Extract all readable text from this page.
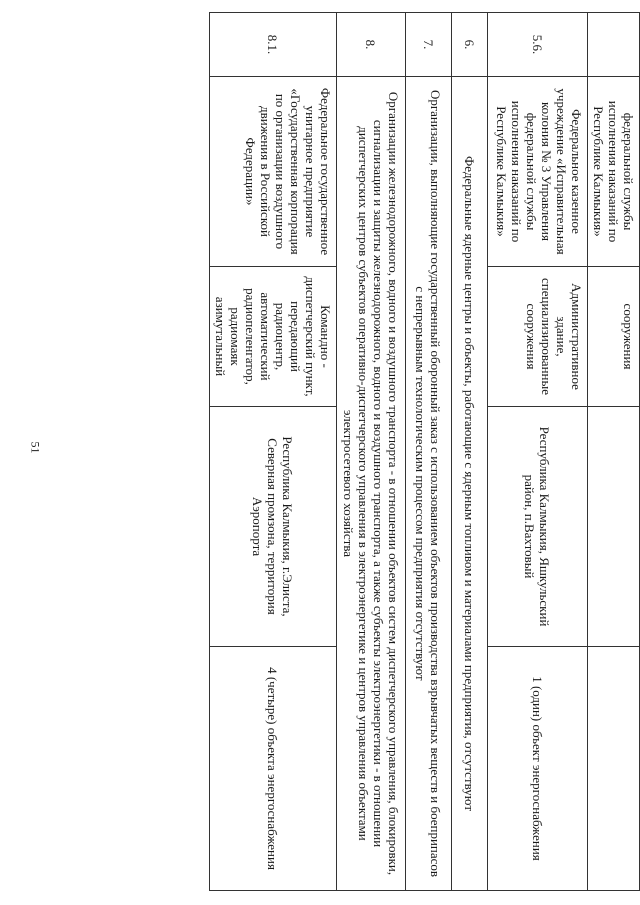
51
	федеральной службы исполнения наказаний по Республике Калмыкия»	сооружения		
5.6.	Федеральное казенное учреждение «Исправительная колония № 3 Управления федеральной службы исполнения наказаний по Республике Калмыкия»	Административное здание, специализированные сооружения	Республика Калмыкия, Яшкульский район, п.Вахтовый	1 (один) объект энергоснабжения
6.	Федеральные ядерные центры и объекты, работающие с ядерным топливом и материалами предприятия, отсутствуют			
7.	Организации, выполняющие государственный оборонный заказ с использованием объектов производства взрывчатых веществ и боеприпасов с непрерывным технологическим процессом предприятия отсутствуют			
8.	Организации железнодорожного, водного и воздушного транспорта - в отношении объектов систем диспетчерского управления, блокировки, сигнализации и защиты железнодорожного, водного и воздушного транспорта, а также субъекты электроэнергетики - в отношении диспетчерских центров субъектов оперативно-диспетчерского управления в электроэнергетике и центров управления объектами электросетевого хозяйства			
8.1.	Федеральное государственное унитарное предприятие «Государственная корпорация по организации воздушного движения в Российской Федерации»	Командно - диспетчерский пункт, передающий радиоцентр, автоматический радиопеленгатор, радиомаяк азимутальный	Республика Калмыкия, г.Элиста, Северная промзона, территория Аэропорта	4 (четыре) объекта энергоснабжения
